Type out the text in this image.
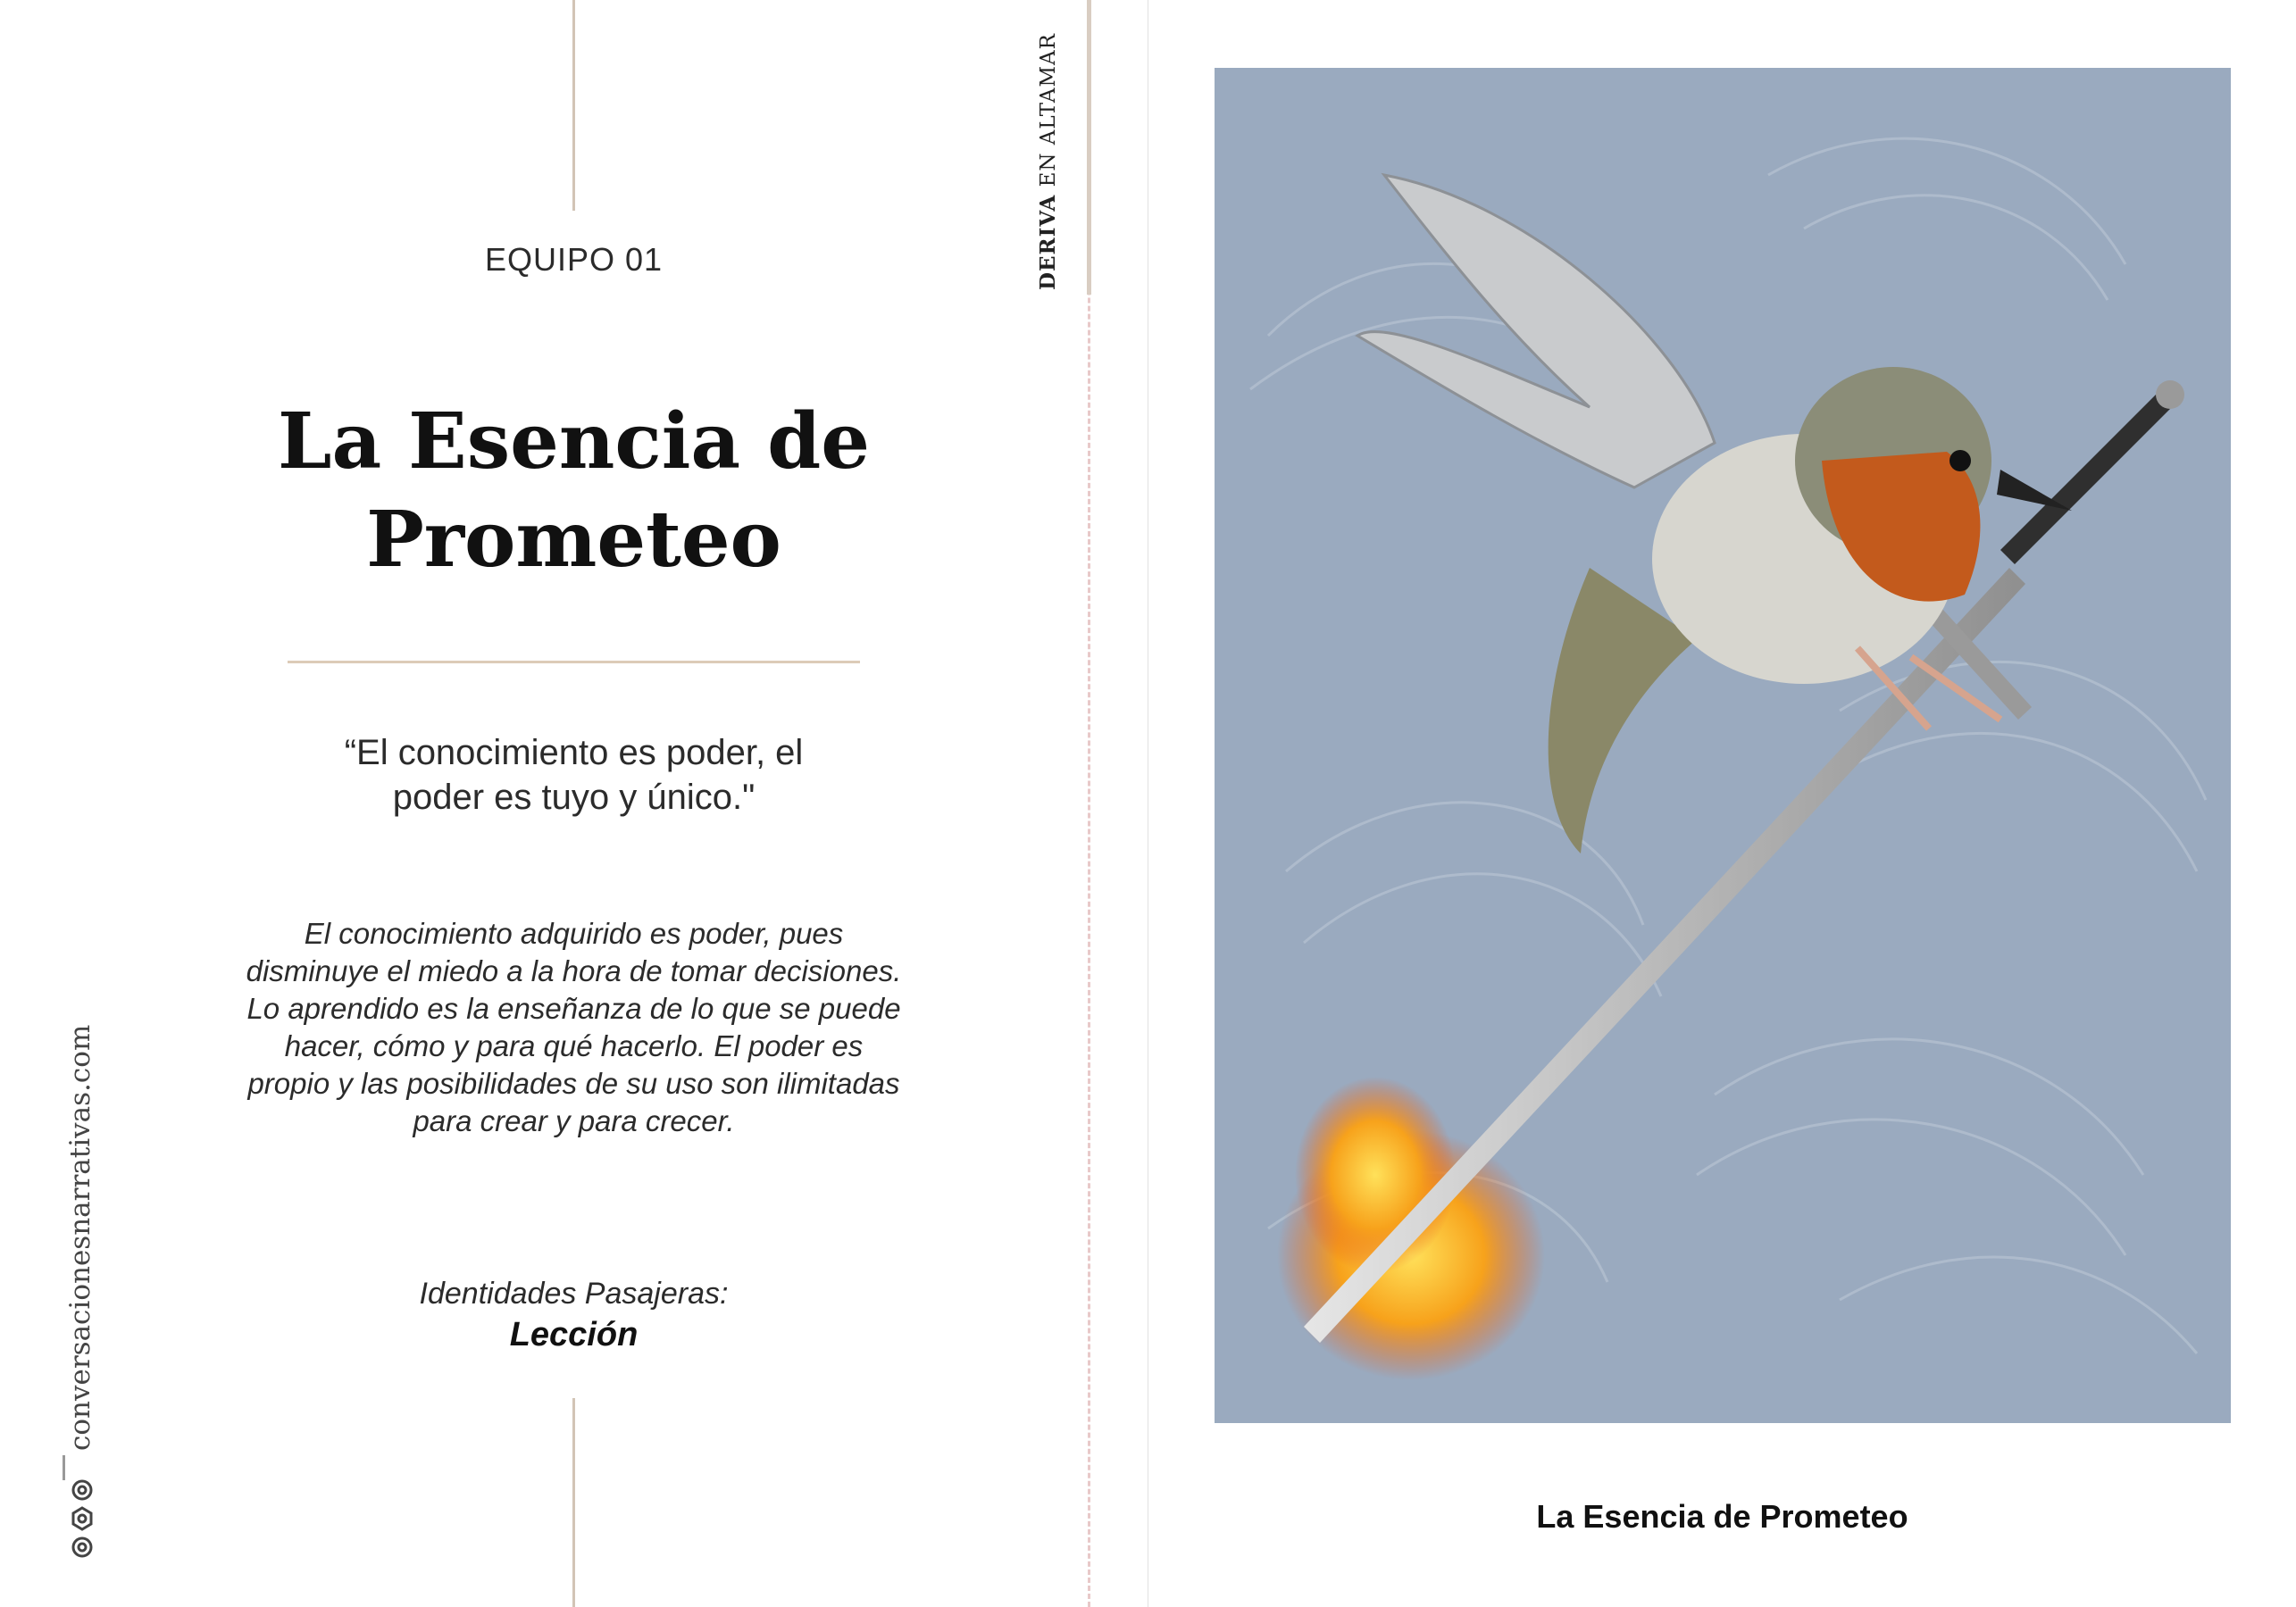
EQUIPO 01
La Esencia de
Prometeo
“El conocimiento es poder, el
poder es tuyo y único."
El conocimiento adquirido es poder, pues
disminuye el miedo a la hora de tomar decisiones.
Lo aprendido es la enseñanza de lo que se puede
hacer, cómo y para qué hacerlo. El poder es
propio y las posibilidades de su uso son ilimitadas
para crear y para crecer.
Identidades Pasajeras:
Lección
conversacionesnarrativas.com
DERIVA EN ALTAMAR
La Esencia de Prometeo
